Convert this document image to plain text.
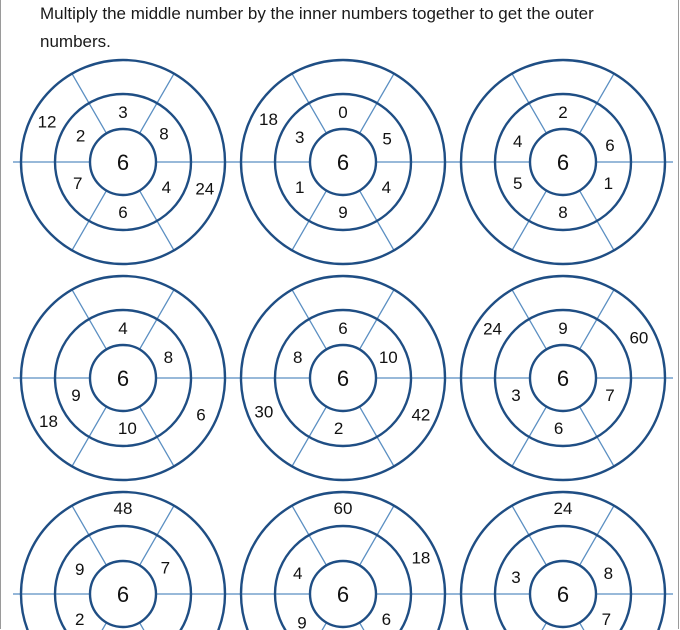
Multiply the middle number by the inner numbers together to get the outer numbers.

6
3
8
4
6
7
2
12
24
6
0
5
4
9
1
3
18
6
2
6
1
8
5
4
6
4
8
9
10
18	6
6
6
10
8
2
30	42
6
9
7
6
3
24	60
6
9	7
2
48
6
4
9	6
60
18
6
3	8
7
24
